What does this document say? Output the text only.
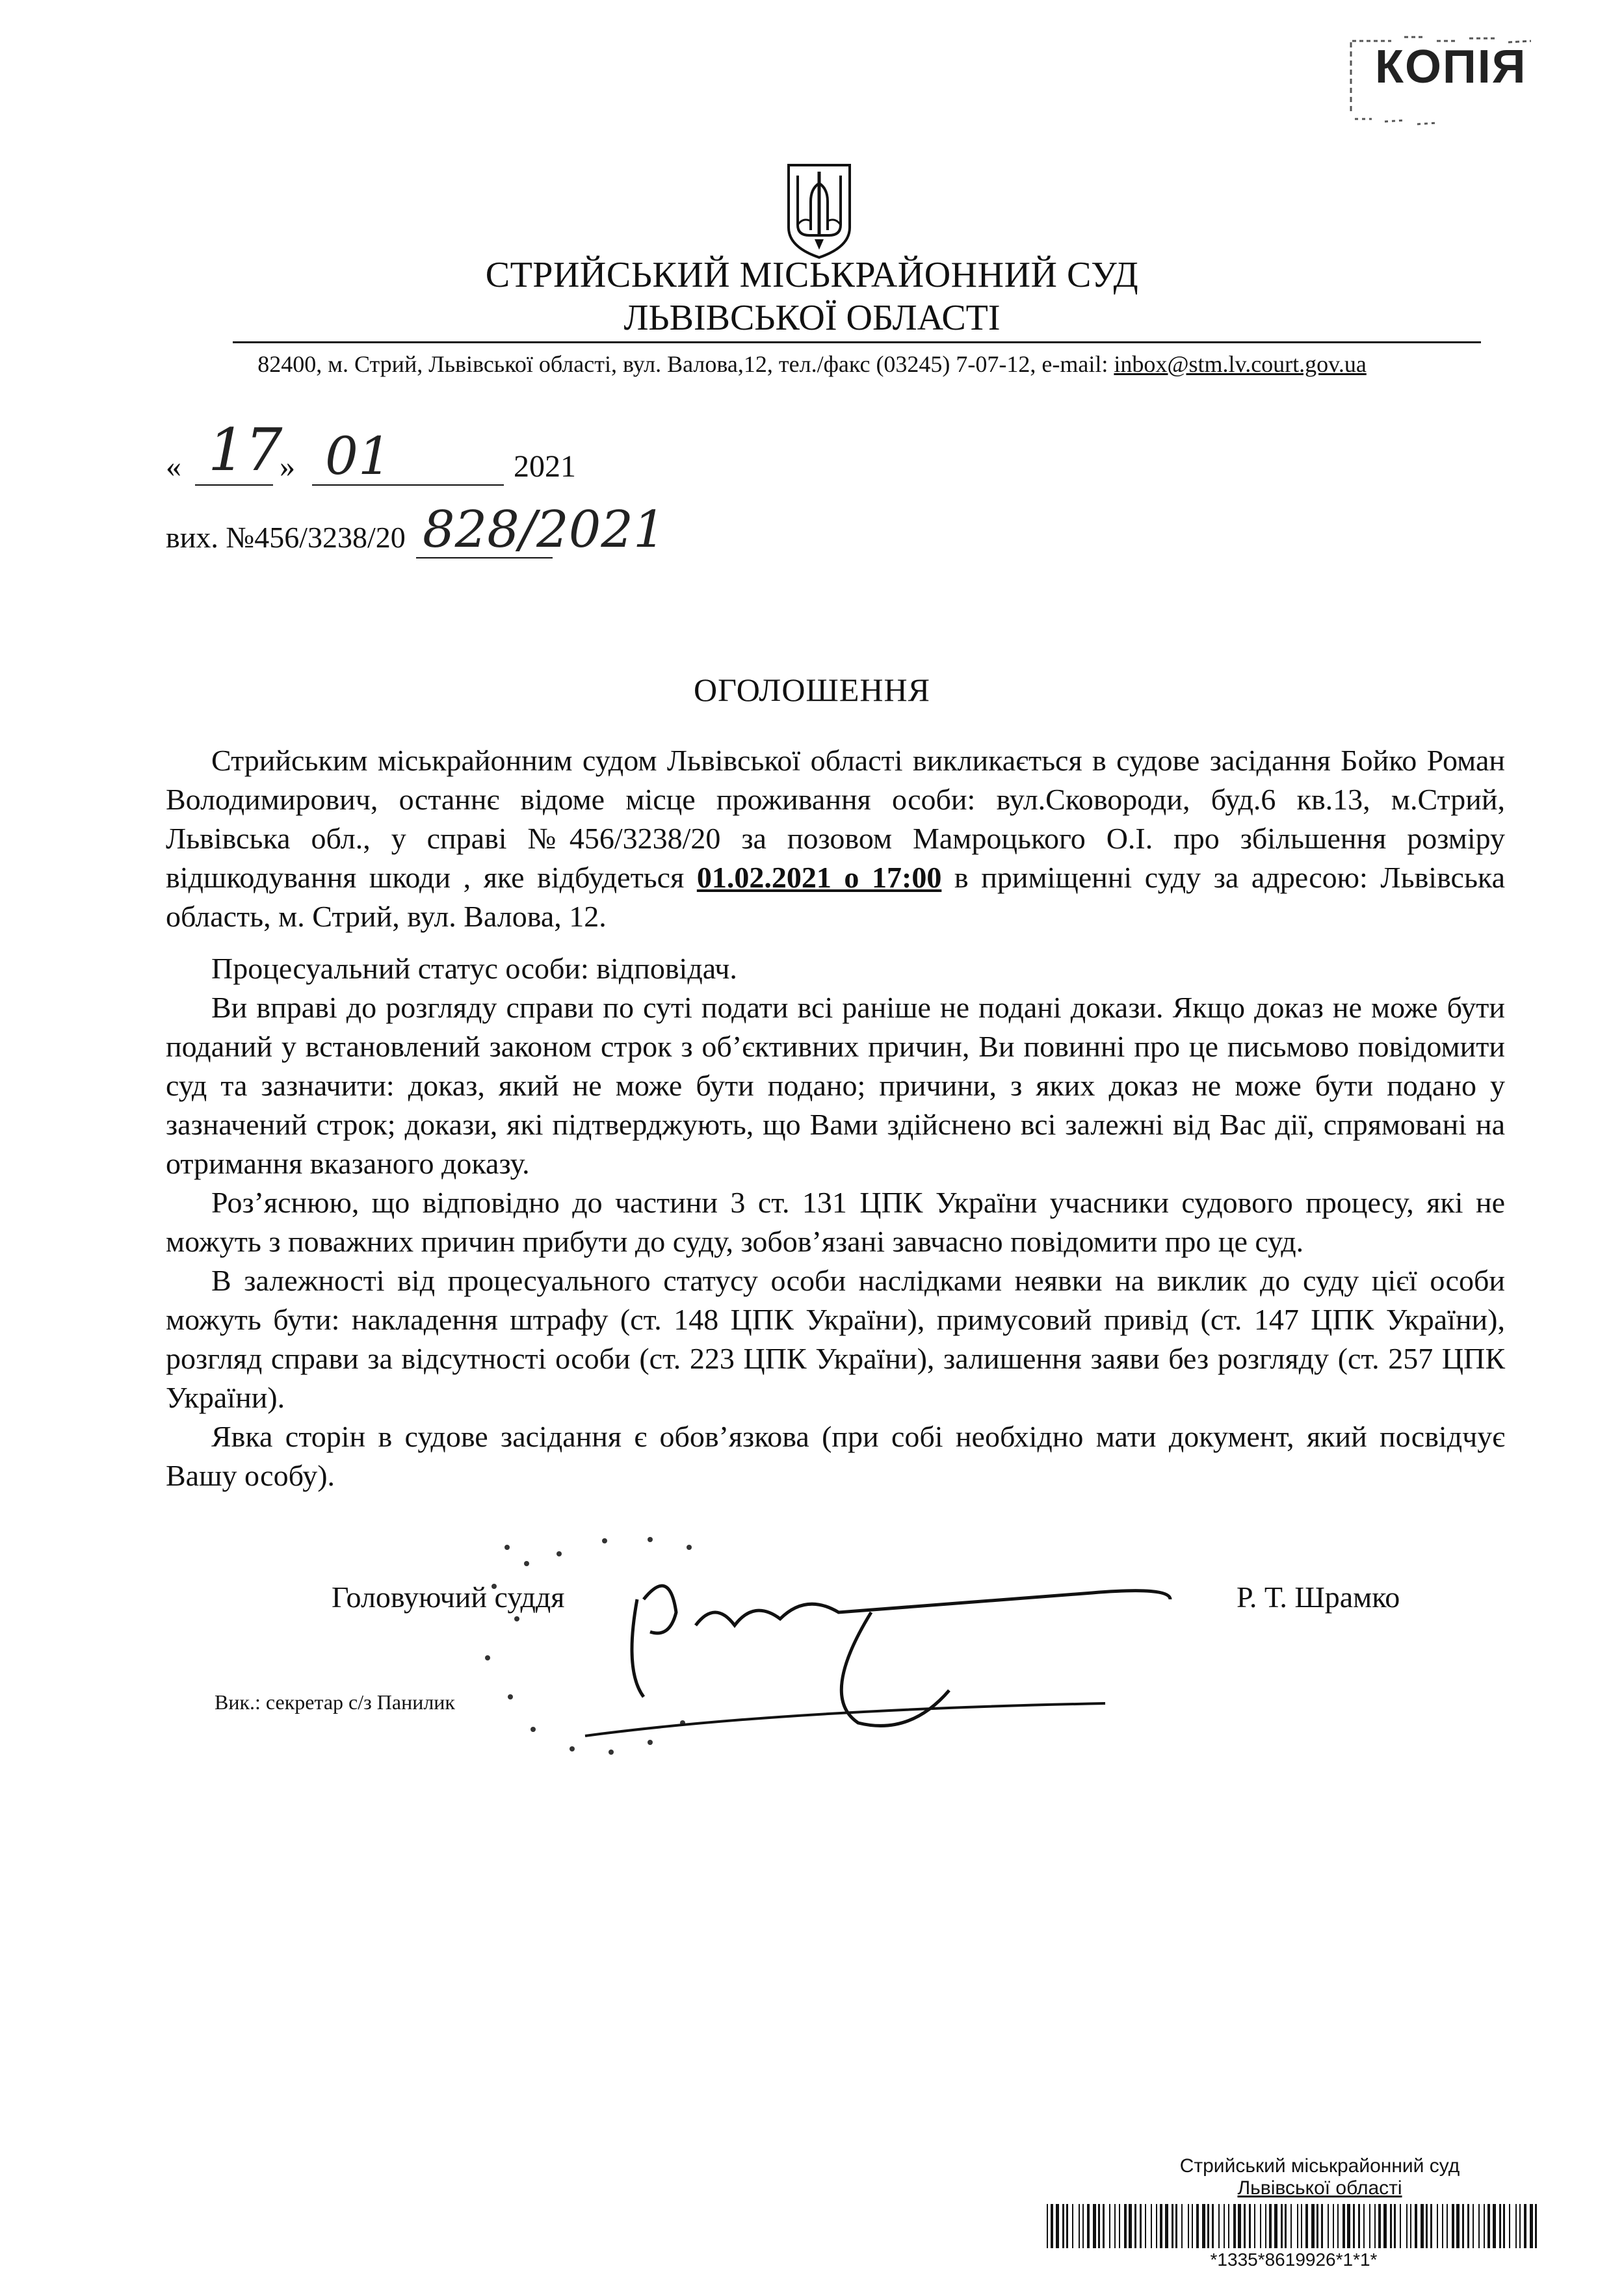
КОПІЯ
СТРИЙСЬКИЙ МІСЬКРАЙОННИЙ СУД
ЛЬВІВСЬКОЇ ОБЛАСТІ
82400, м. Стрий, Львівської області, вул. Валова,12, тел./факс (03245) 7-07-12, e-mail: inbox@stm.lv.court.gov.ua
« 17
» 01	2021
вих. №456/3238/20 828/2021
ОГОЛОШЕННЯ
Стрийським міськрайонним судом Львівської області викликається в судове засідання Бойко Роман Володимирович, останнє відоме місце проживання особи: вул.Сковороди, буд.6 кв.13, м.Стрий, Львівська обл., у справі №456/3238/20 за позовом Мамроцького О.І. про збільшення розміру відшкодування шкоди , яке відбудеться 01.02.2021 о 17:00 в приміщенні суду за адресою: Львівська область, м. Стрий, вул. Валова, 12.
Процесуальний статус особи: відповідач.
Ви вправі до розгляду справи по суті подати всі раніше не подані докази. Якщо доказ не може бути поданий у встановлений законом строк з об’єктивних причин, Ви повинні про це письмово повідомити суд та зазначити: доказ, який не може бути подано; причини, з яких доказ не може бути подано у зазначений строк; докази, які підтверджують, що Вами здійснено всі залежні від Вас дії, спрямовані на отримання вказаного доказу.
Роз’яснюю, що відповідно до частини 3 ст. 131 ЦПК України учасники судового процесу, які не можуть з поважних причин прибути до суду, зобов’язані завчасно повідомити про це суд.
В залежності від процесуального статусу особи наслідками неявки на виклик до суду цієї особи можуть бути: накладення штрафу (ст. 148 ЦПК України), примусовий привід (ст. 147 ЦПК України), розгляд справи за відсутності особи (ст. 223 ЦПК України), залишення заяви без розгляду (ст. 257 ЦПК України).
Явка сторін в судове засідання є обов’язкова (при собі необхідно мати документ, який посвідчує Вашу особу).
Головуючий суддя	Р. Т. Шрамко
Вик.: секретар с/з Панилик
Стрийський міськрайонний суд
Львівської області
*1335*8619926*1*1*
